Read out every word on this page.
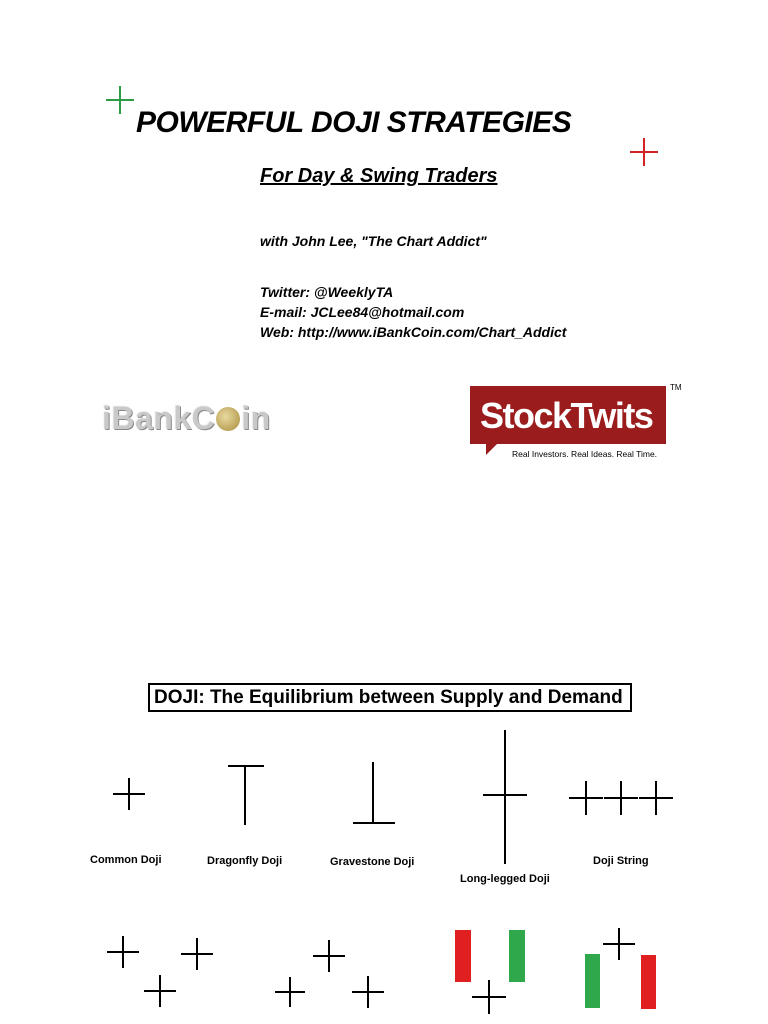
POWERFUL DOJI STRATEGIES
For Day & Swing Traders
with John Lee, "The Chart Addict"
Twitter: @WeeklyTA
E-mail: JCLee84@hotmail.com
Web: http://www.iBankCoin.com/Chart_Addict
iBankC in	StockTwits
TM
Real Investors. Real Ideas. Real Time.
DOJI: The Equilibrium between Supply and Demand
Common Doji	Dragonfly Doji	Gravestone Doji
Long-legged Doji
Doji String
